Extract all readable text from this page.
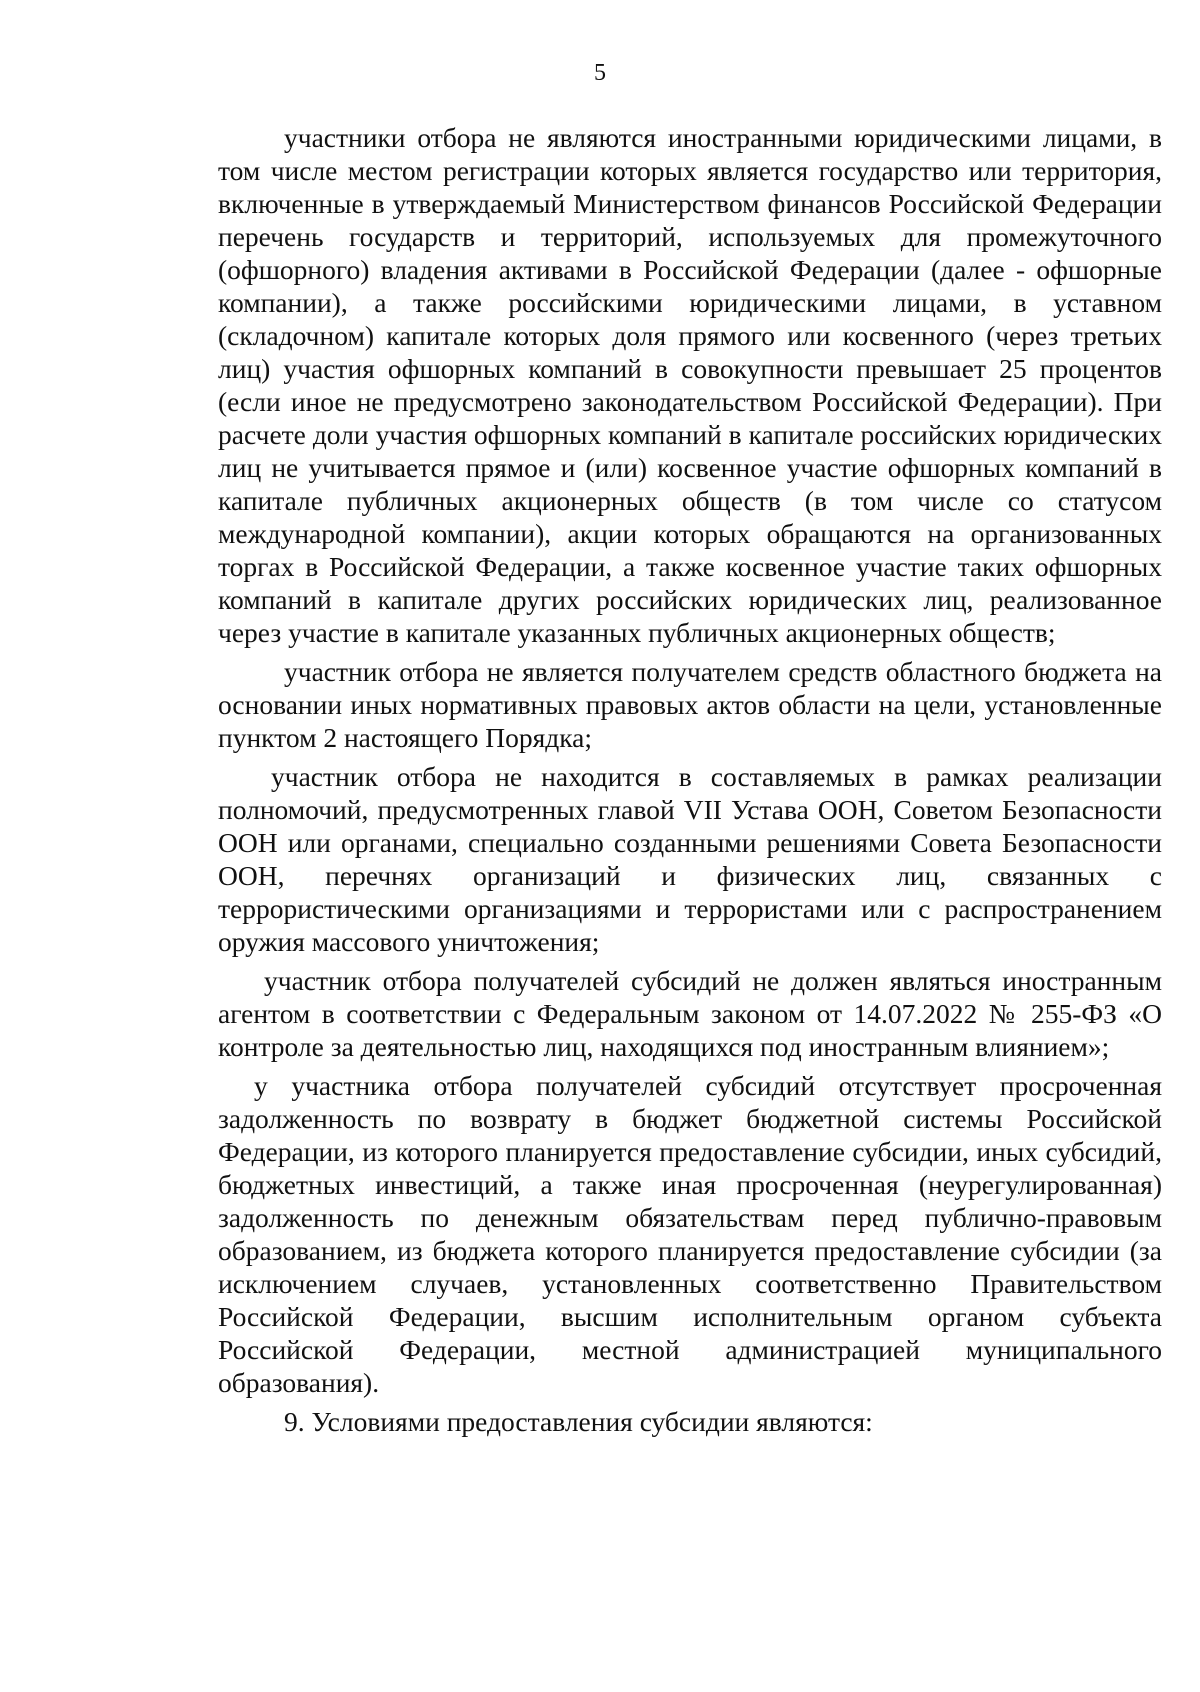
5

участники отбора не являются иностранными юридическими лицами, в том числе местом регистрации которых является государство или территория, включенные в утверждаемый Министерством финансов Российской Федерации перечень государств и территорий, используемых для промежуточного (офшорного) владения активами в Российской Федерации (далее - офшорные компании), а также российскими юридическими лицами, в уставном (складочном) капитале которых доля прямого или косвенного (через третьих лиц) участия офшорных компаний в совокупности превышает 25 процентов (если иное не предусмотрено законодательством Российской Федерации). При расчете доли участия офшорных компаний в капитале российских юридических лиц не учитывается прямое и (или) косвенное участие офшорных компаний в капитале публичных акционерных обществ (в том числе со статусом международной компании), акции которых обращаются на организованных торгах в Российской Федерации, а также косвенное участие таких офшорных компаний в капитале других российских юридических лиц, реализованное через участие в капитале указанных публичных акционерных обществ;

участник отбора не является получателем средств областного бюджета на основании иных нормативных правовых актов области на цели, установленные пунктом 2 настоящего Порядка;

участник отбора не находится в составляемых в рамках реализации полномочий, предусмотренных главой VII Устава ООН, Советом Безопасности ООН или органами, специально созданными решениями Совета Безопасности ООН, перечнях организаций и физических лиц, связанных с террористическими организациями и террористами или с распространением оружия массового уничтожения;

участник отбора получателей субсидий не должен являться иностранным агентом в соответствии с Федеральным законом от 14.07.2022 № 255-ФЗ «О контроле за деятельностью лиц, находящихся под иностранным влиянием»;

у участника отбора получателей субсидий отсутствует просроченная задолженность по возврату в бюджет бюджетной системы Российской Федерации, из которого планируется предоставление субсидии, иных субсидий, бюджетных инвестиций, а также иная просроченная (неурегулированная) задолженность по денежным обязательствам перед публично-правовым образованием, из бюджета которого планируется предоставление субсидии (за исключением случаев, установленных соответственно Правительством Российской Федерации, высшим исполнительным органом субъекта Российской Федерации, местной администрацией муниципального образования).

9. Условиями предоставления субсидии являются:
